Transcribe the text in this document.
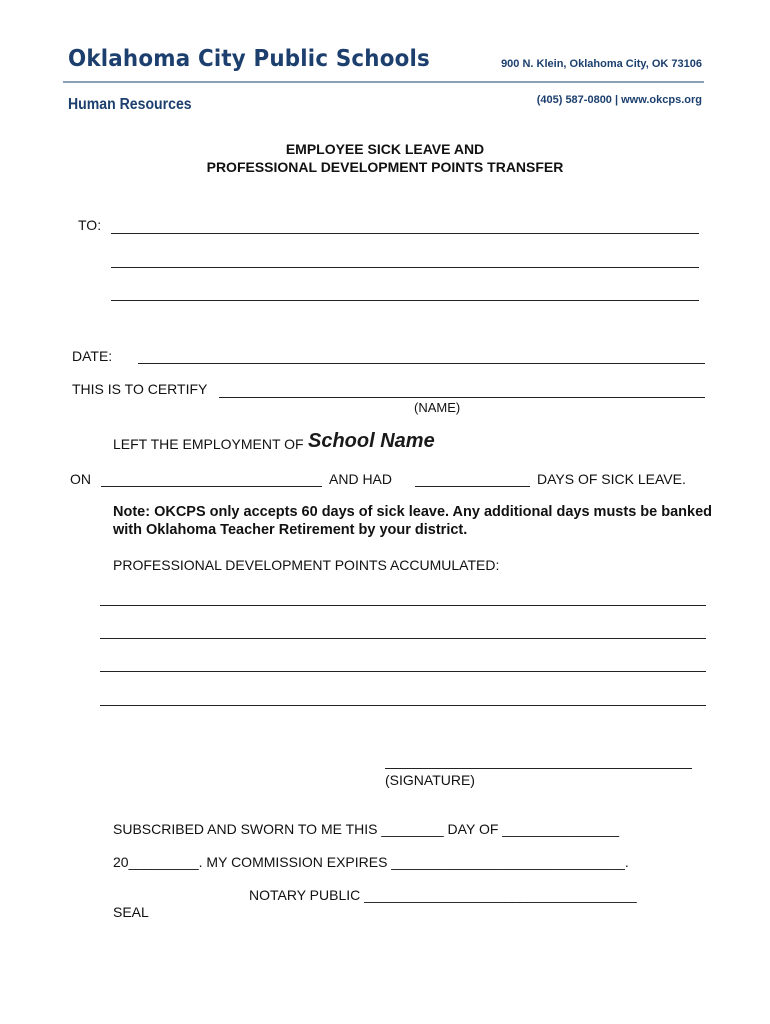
Oklahoma City Public Schools	900 N. Klein, Oklahoma City, OK 73106
(405) 587-0800 | www.okcps.org
Human Resources
EMPLOYEE SICK LEAVE AND
PROFESSIONAL DEVELOPMENT POINTS TRANSFER
TO:
DATE:
THIS IS TO CERTIFY
(NAME)
LEFT THE EMPLOYMENT OF School Name
ON	AND HAD	DAYS OF SICK LEAVE.
Note: OKCPS only accepts 60 days of sick leave. Any additional days musts be banked with Oklahoma Teacher Retirement by your district.
PROFESSIONAL DEVELOPMENT POINTS ACCUMULATED:
(SIGNATURE)
SUBSCRIBED AND SWORN TO ME THIS ________ DAY OF _______________
20_________. MY COMMISSION EXPIRES ______________________________.
NOTARY PUBLIC ___________________________________
SEAL
